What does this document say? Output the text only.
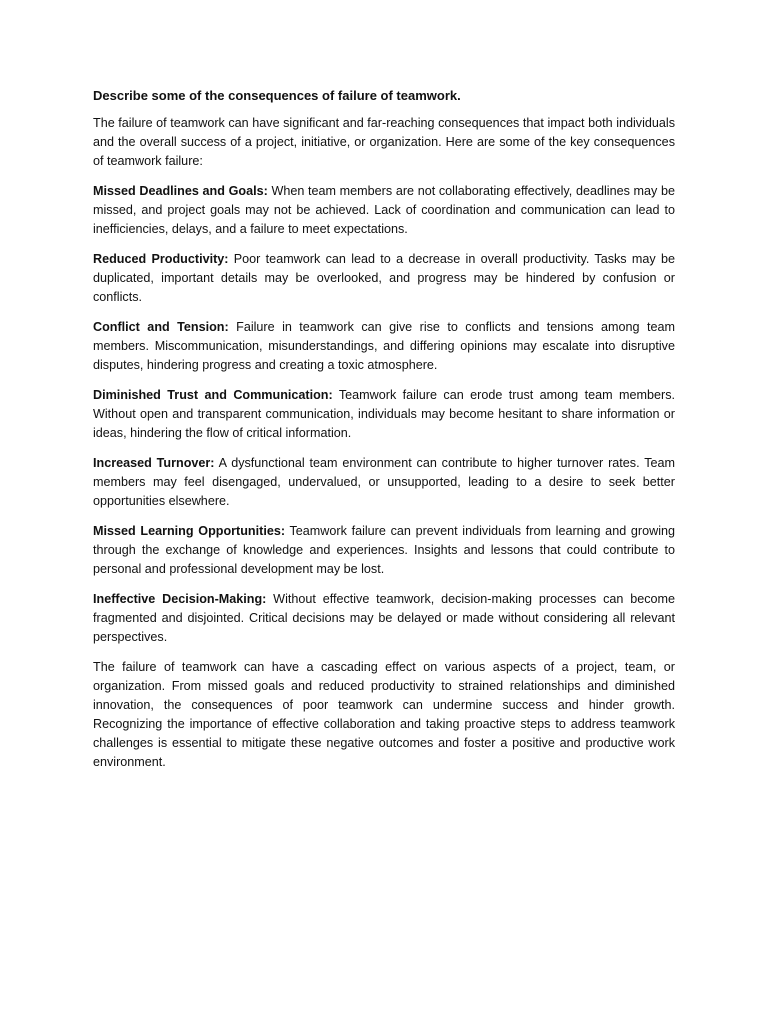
Describe some of the consequences of failure of teamwork.

The failure of teamwork can have significant and far-reaching consequences that impact both individuals and the overall success of a project, initiative, or organization. Here are some of the key consequences of teamwork failure:

Missed Deadlines and Goals: When team members are not collaborating effectively, deadlines may be missed, and project goals may not be achieved. Lack of coordination and communication can lead to inefficiencies, delays, and a failure to meet expectations.

Reduced Productivity: Poor teamwork can lead to a decrease in overall productivity. Tasks may be duplicated, important details may be overlooked, and progress may be hindered by confusion or conflicts.

Conflict and Tension: Failure in teamwork can give rise to conflicts and tensions among team members. Miscommunication, misunderstandings, and differing opinions may escalate into disruptive disputes, hindering progress and creating a toxic atmosphere.

Diminished Trust and Communication: Teamwork failure can erode trust among team members. Without open and transparent communication, individuals may become hesitant to share information or ideas, hindering the flow of critical information.

Increased Turnover: A dysfunctional team environment can contribute to higher turnover rates. Team members may feel disengaged, undervalued, or unsupported, leading to a desire to seek better opportunities elsewhere.

Missed Learning Opportunities: Teamwork failure can prevent individuals from learning and growing through the exchange of knowledge and experiences. Insights and lessons that could contribute to personal and professional development may be lost.

Ineffective Decision-Making: Without effective teamwork, decision-making processes can become fragmented and disjointed. Critical decisions may be delayed or made without considering all relevant perspectives.

The failure of teamwork can have a cascading effect on various aspects of a project, team, or organization. From missed goals and reduced productivity to strained relationships and diminished innovation, the consequences of poor teamwork can undermine success and hinder growth. Recognizing the importance of effective collaboration and taking proactive steps to address teamwork challenges is essential to mitigate these negative outcomes and foster a positive and productive work environment.
